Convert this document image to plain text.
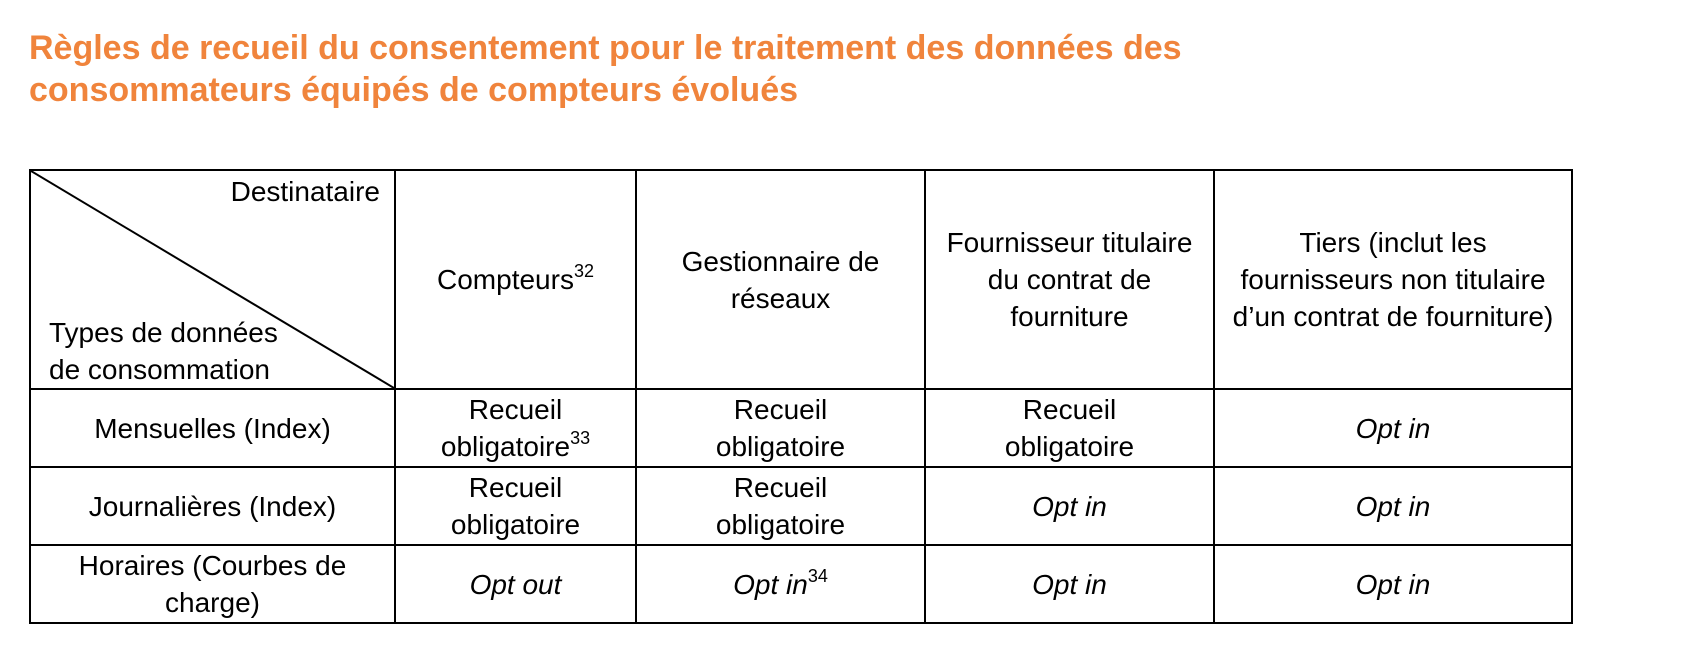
Règles de recueil du consentement pour le traitement des données des
consommateurs équipés de compteurs évolués
Destinataire
Types de données de consommation	Compteurs$^{32}$	Gestionnaire de réseaux	Fournisseur titulaire du contrat de fourniture	Tiers (inclut les fournisseurs non titulaire d’un contrat de fourniture)
Mensuelles (Index)	Recueil obligatoire$^{33}$	Recueil obligatoire	Recueil obligatoire	Opt in
Journalières (Index)	Recueil obligatoire	Recueil obligatoire	Opt in	Opt in
Horaires (Courbes de charge)	Opt out	Opt $in^{34}$	Opt in	Opt in
